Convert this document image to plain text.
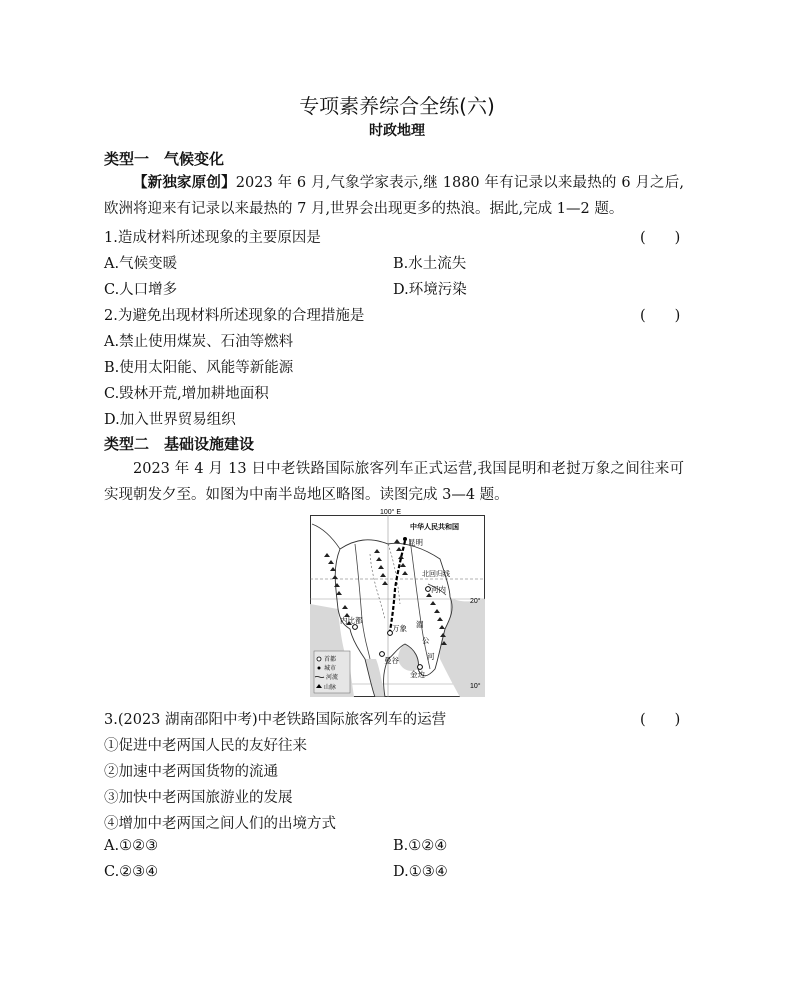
专项素养综合全练(六)
时政地理
类型一　气候变化
【新独家原创】2023 年 6 月,气象学家表示,继 1880 年有记录以来最热的 6 月之后,欧洲将迎来有记录以来最热的 7 月,世界会出现更多的热浪。据此,完成 1—2 题。
1.造成材料所述现象的主要原因是	(　　)
A.气候变暖	B.水土流失
C.人口增多	D.环境污染
2.为避免出现材料所述现象的合理措施是	(　　)
A.禁止使用煤炭、石油等燃料
B.使用太阳能、风能等新能源
C.毁林开荒,增加耕地面积
D.加入世界贸易组织
类型二　基础设施建设
2023 年 4 月 13 日中老铁路国际旅客列车正式运营,我国昆明和老挝万象之间往来可实现朝发夕至。如图为中南半岛地区略图。读图完成 3—4 题。
100° E
中华人民共和国
昆明
北回归线
河内
20°
内比都
万象 湄
公
河
曼谷
金边
10°
首都
城市
河流
山脉
3.(2023 湖南邵阳中考)中老铁路国际旅客列车的运营	(　　)
①促进中老两国人民的友好往来
②加速中老两国货物的流通
③加快中老两国旅游业的发展
④增加中老两国之间人们的出境方式
A.①②③	B.①②④
C.②③④	D.①③④
